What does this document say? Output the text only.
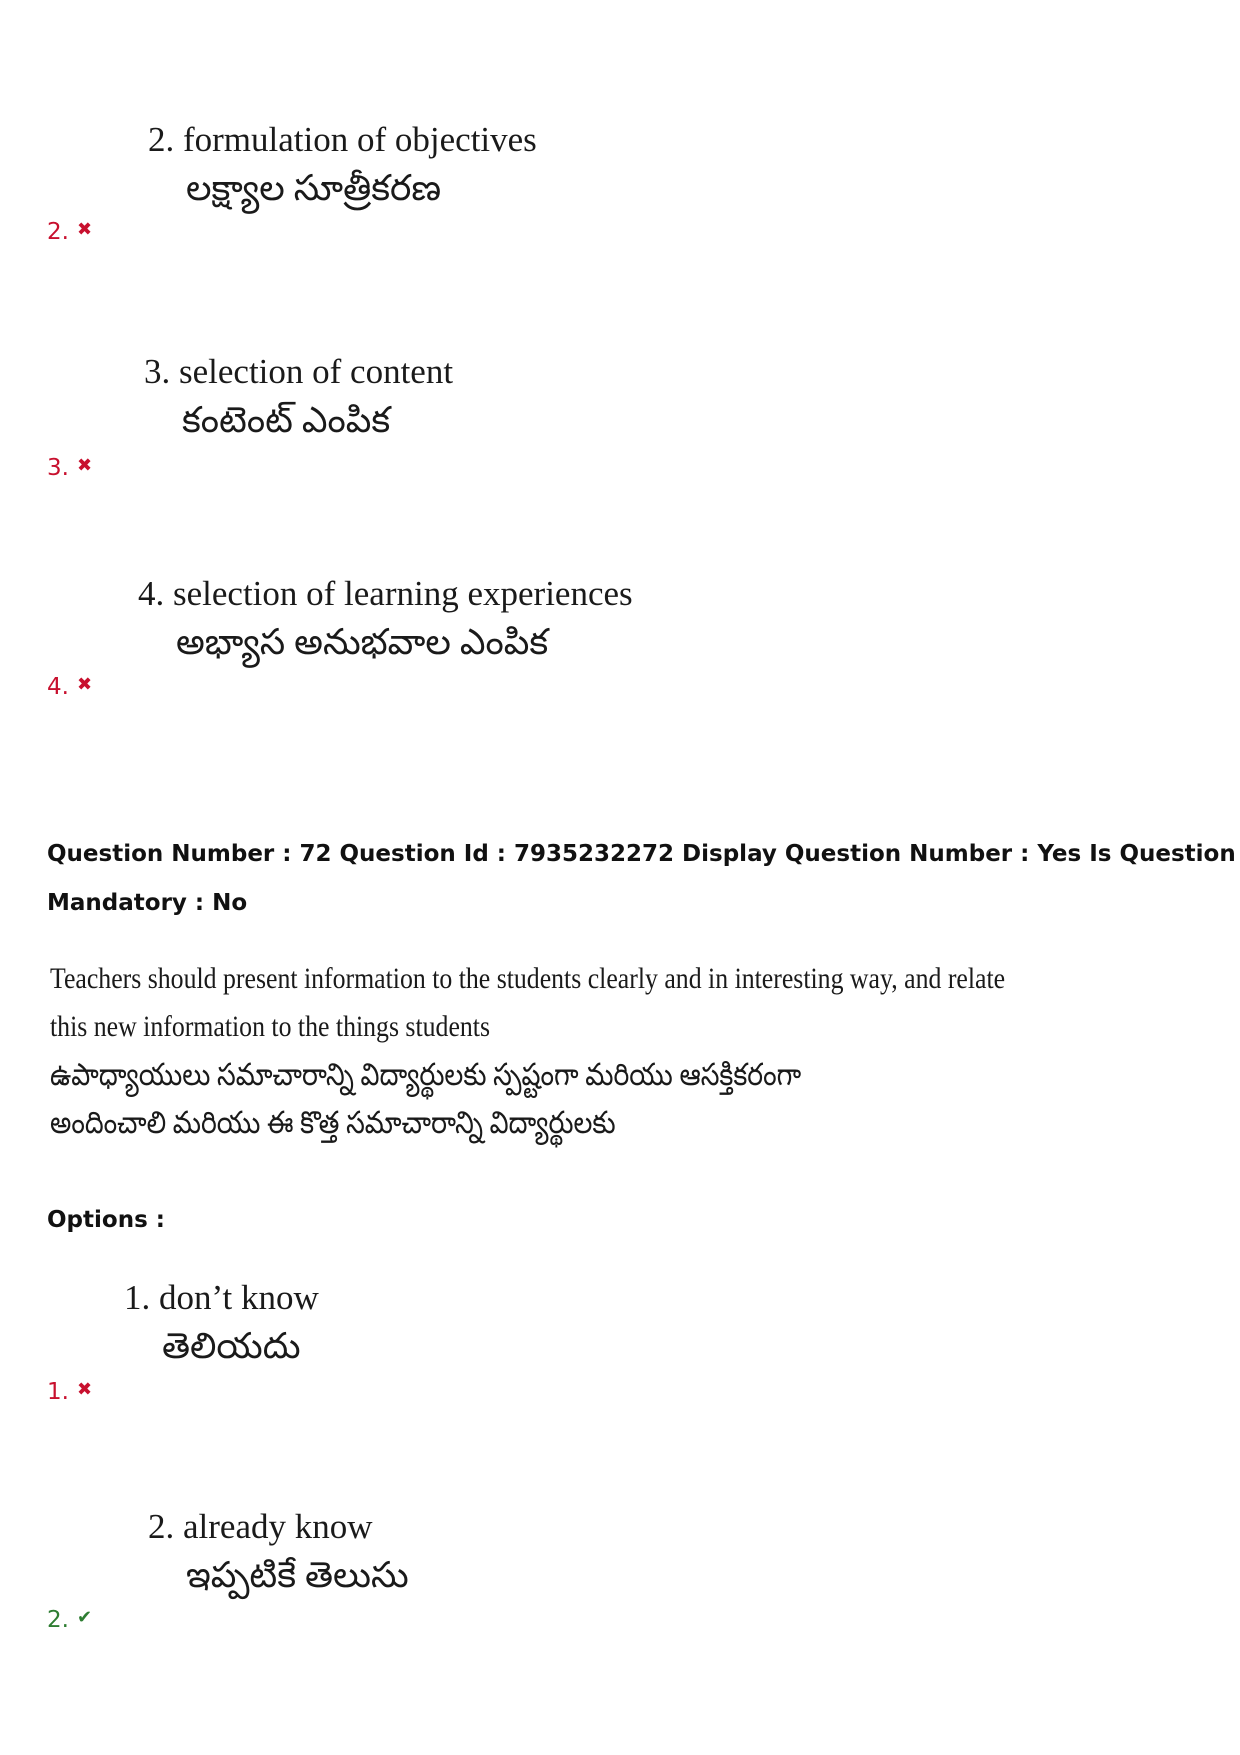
2. formulation of objectives
లక్ష్యాల సూత్రీకరణ
2. ✖
3. selection of content
కంటెంట్ ఎంపిక
3. ✖
4. selection of learning experiences
అభ్యాస అనుభవాల ఎంపిక
4. ✖
Question Number : 72 Question Id : 7935232272 Display Question Number : Yes Is Question
Mandatory : No
Teachers should present information to the students clearly and in interesting way, and relate
this new information to the things students
ఉపాధ్యాయులు సమాచారాన్ని విద్యార్థులకు స్పష్టంగా మరియు ఆసక్తికరంగా
అందించాలి మరియు ఈ కొత్త సమాచారాన్ని విద్యార్థులకు
Options :
1. don’t know
తెలియదు
1. ✖
2. already know
ఇప్పటికే తెలుసు
2. ✔
